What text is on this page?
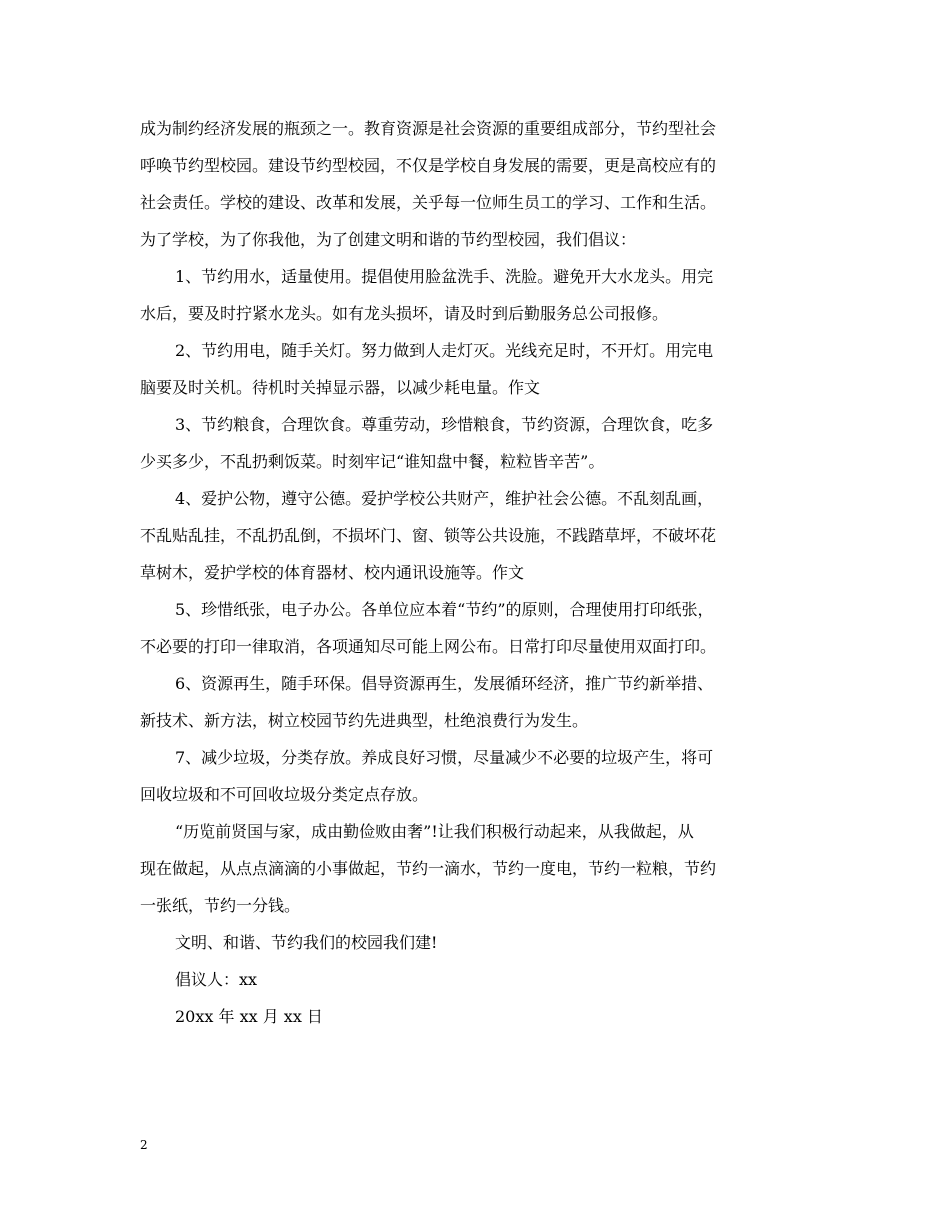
成为制约经济发展的瓶颈之一。教育资源是社会资源的重要组成部分，节约型社会
呼唤节约型校园。建设节约型校园，不仅是学校自身发展的需要，更是高校应有的
社会责任。学校的建设、改革和发展，关乎每一位师生员工的学习、工作和生活。
为了学校，为了你我他，为了创建文明和谐的节约型校园，我们倡议：
1、节约用水，适量使用。提倡使用脸盆洗手、洗脸。避免开大水龙头。用完
水后，要及时拧紧水龙头。如有龙头损坏，请及时到后勤服务总公司报修。
2、节约用电，随手关灯。努力做到人走灯灭。光线充足时，不开灯。用完电
脑要及时关机。待机时关掉显示器，以减少耗电量。作文
3、节约粮食，合理饮食。尊重劳动，珍惜粮食，节约资源，合理饮食，吃多
少买多少，不乱扔剩饭菜。时刻牢记“谁知盘中餐，粒粒皆辛苦”。
4、爱护公物，遵守公德。爱护学校公共财产，维护社会公德。不乱刻乱画，
不乱贴乱挂，不乱扔乱倒，不损坏门、窗、锁等公共设施，不践踏草坪，不破坏花
草树木，爱护学校的体育器材、校内通讯设施等。作文
5、珍惜纸张，电子办公。各单位应本着“节约”的原则，合理使用打印纸张，
不必要的打印一律取消，各项通知尽可能上网公布。日常打印尽量使用双面打印。
6、资源再生，随手环保。倡导资源再生，发展循环经济，推广节约新举措、
新技术、新方法，树立校园节约先进典型，杜绝浪费行为发生。
7、减少垃圾，分类存放。养成良好习惯，尽量减少不必要的垃圾产生，将可
回收垃圾和不可回收垃圾分类定点存放。
“历览前贤国与家，成由勤俭败由奢”!让我们积极行动起来，从我做起，从
现在做起，从点点滴滴的小事做起，节约一滴水，节约一度电，节约一粒粮，节约
一张纸，节约一分钱。
文明、和谐、节约我们的校园我们建!
倡议人：xx
20xx 年 xx 月 xx 日
2
